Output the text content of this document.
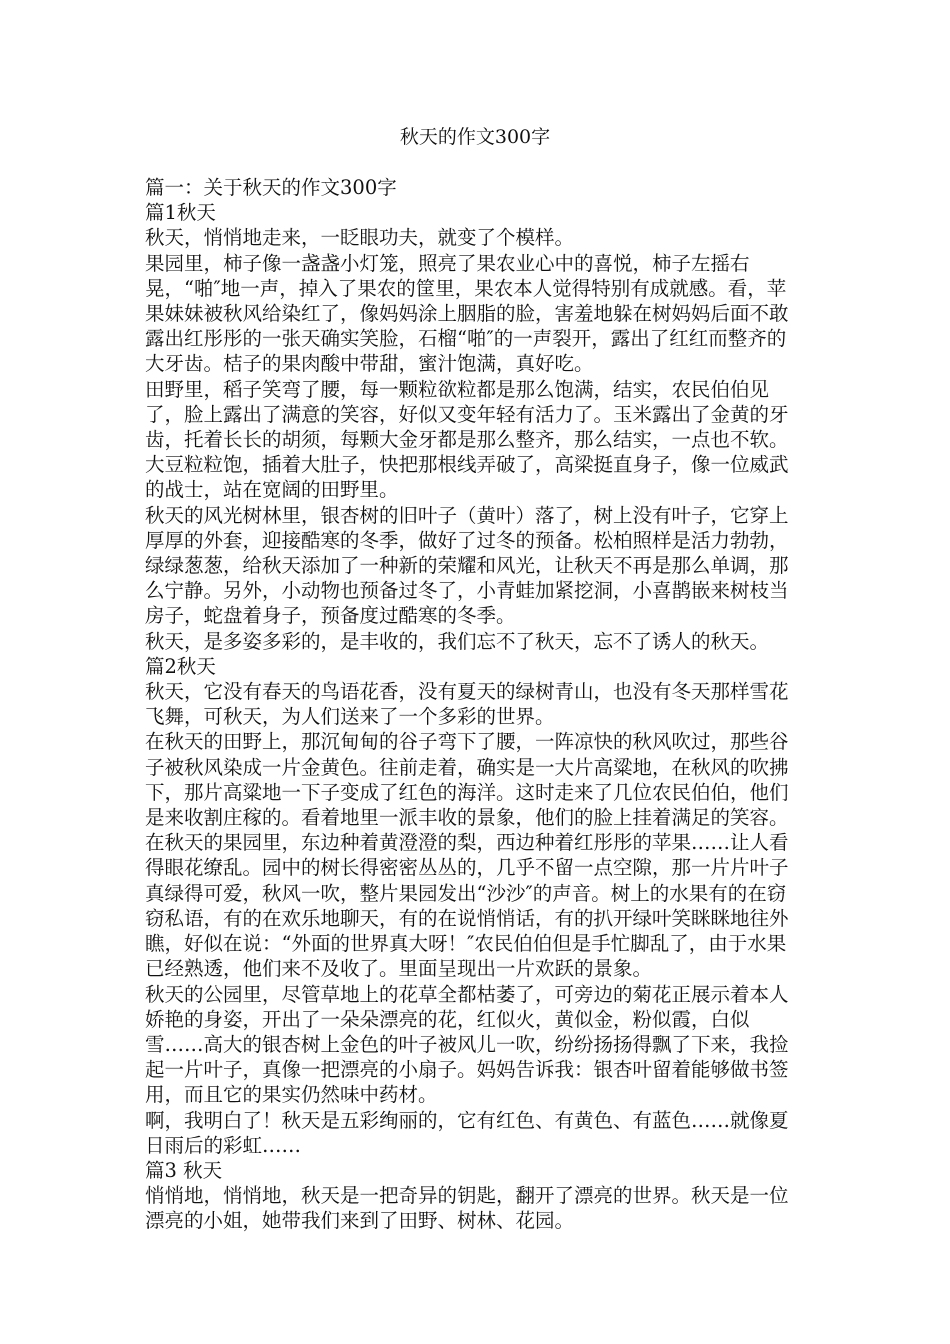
秋天的作文300字

篇一：关于秋天的作文300字

篇1秋天

秋天，悄悄地走来，一眨眼功夫，就变了个模样。

果园里，柿子像一盏盏小灯笼，照亮了果农业心中的喜悦，柿子左摇右晃，“啪″地一声，掉入了果农的筐里，果农本人觉得特别有成就感。看，苹果妹妹被秋风给染红了，像妈妈涂上胭脂的脸，害羞地躲在树妈妈后面不敢露出红彤彤的一张天确实笑脸，石榴“啪″的一声裂开，露出了红红而整齐的大牙齿。桔子的果肉酸中带甜，蜜汁饱满，真好吃。

田野里，稻子笑弯了腰，每一颗粒欲粒都是那么饱满，结实，农民伯伯见了，脸上露出了满意的笑容，好似又变年轻有活力了。玉米露出了金黄的牙齿，托着长长的胡须，每颗大金牙都是那么整齐，那么结实，一点也不软。大豆粒粒饱，插着大肚子，快把那根线弄破了，高梁挺直身子，像一位威武的战士，站在宽阔的田野里。

秋天的风光树林里，银杏树的旧叶子（黄叶）落了，树上没有叶子，它穿上厚厚的外套，迎接酷寒的冬季，做好了过冬的预备。松柏照样是活力勃勃，绿绿葱葱，给秋天添加了一种新的荣耀和风光，让秋天不再是那么单调，那么宁静。另外，小动物也预备过冬了，小青蛙加紧挖洞，小喜鹊嵌来树枝当房子，蛇盘着身子，预备度过酷寒的冬季。

秋天，是多姿多彩的，是丰收的，我们忘不了秋天，忘不了诱人的秋天。

篇2秋天

秋天，它没有春天的鸟语花香，没有夏天的绿树青山，也没有冬天那样雪花飞舞，可秋天，为人们送来了一个多彩的世界。

在秋天的田野上，那沉甸甸的谷子弯下了腰，一阵凉快的秋风吹过，那些谷子被秋风染成一片金黄色。往前走着，确实是一大片高粱地，在秋风的吹拂下，那片高粱地一下子变成了红色的海洋。这时走来了几位农民伯伯，他们是来收割庄稼的。看着地里一派丰收的景象，他们的脸上挂着满足的笑容。

在秋天的果园里，东边种着黄澄澄的梨，西边种着红彤彤的苹果……让人看得眼花缭乱。园中的树长得密密丛丛的，几乎不留一点空隙，那一片片叶子真绿得可爱，秋风一吹，整片果园发出“沙沙″的声音。树上的水果有的在窃窃私语，有的在欢乐地聊天，有的在说悄悄话，有的扒开绿叶笑眯眯地往外瞧，好似在说：“外面的世界真大呀！″农民伯伯但是手忙脚乱了，由于水果已经熟透，他们来不及收了。里面呈现出一片欢跃的景象。

秋天的公园里，尽管草地上的花草全都枯萎了，可旁边的菊花正展示着本人娇艳的身姿，开出了一朵朵漂亮的花，红似火，黄似金，粉似霞，白似雪……高大的银杏树上金色的叶子被风儿一吹，纷纷扬扬得飘了下来，我捡起一片叶子，真像一把漂亮的小扇子。妈妈告诉我：银杏叶留着能够做书签用，而且它的果实仍然味中药材。

啊，我明白了！秋天是五彩绚丽的，它有红色、有黄色、有蓝色……就像夏日雨后的彩虹……

篇3 秋天

悄悄地，悄悄地，秋天是一把奇异的钥匙，翻开了漂亮的世界。秋天是一位漂亮的小姐，她带我们来到了田野、树林、花园。
